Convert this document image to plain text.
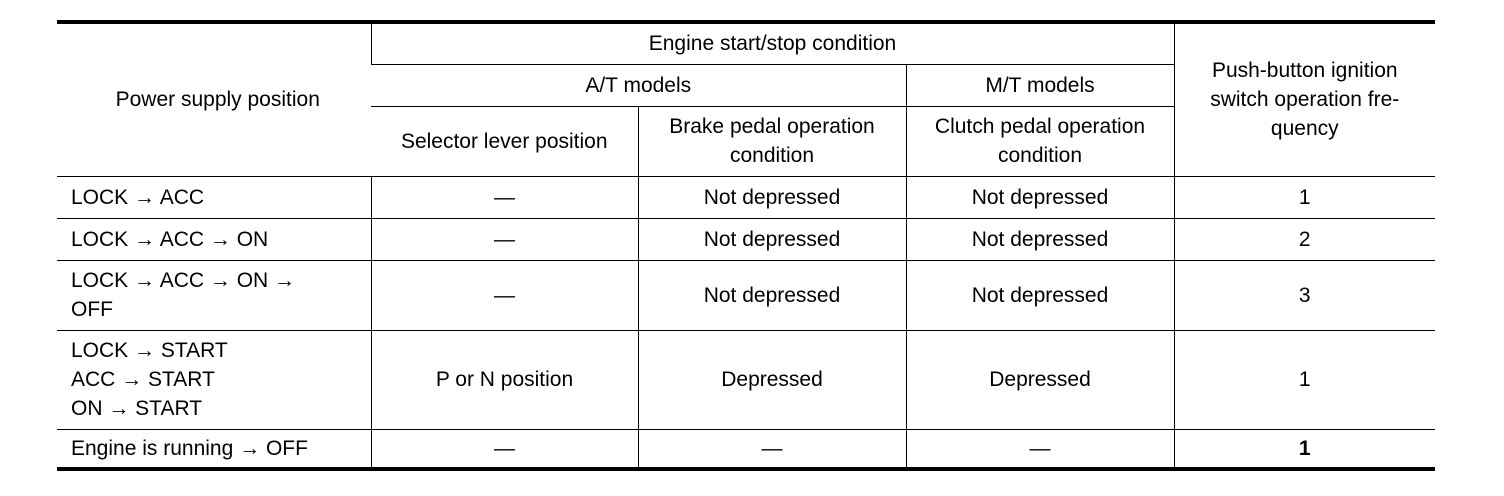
Power supply position	Engine start/stop condition			Push-button ignition
switch operation fre-
quency

	A/T models		M/T models	
	Selector lever position	Brake pedal operation
condition	Clutch pedal operation
condition	

LOCK → ACC	—	Not depressed	Not depressed	1

LOCK → ACC → ON	—	Not depressed	Not depressed	2

LOCK → ACC → ON →
OFF	—	Not depressed	Not depressed	3

LOCK → START
ACC → START
ON → START	P or N position	Depressed	Depressed	1

Engine is running → OFF	—	—	—	1
